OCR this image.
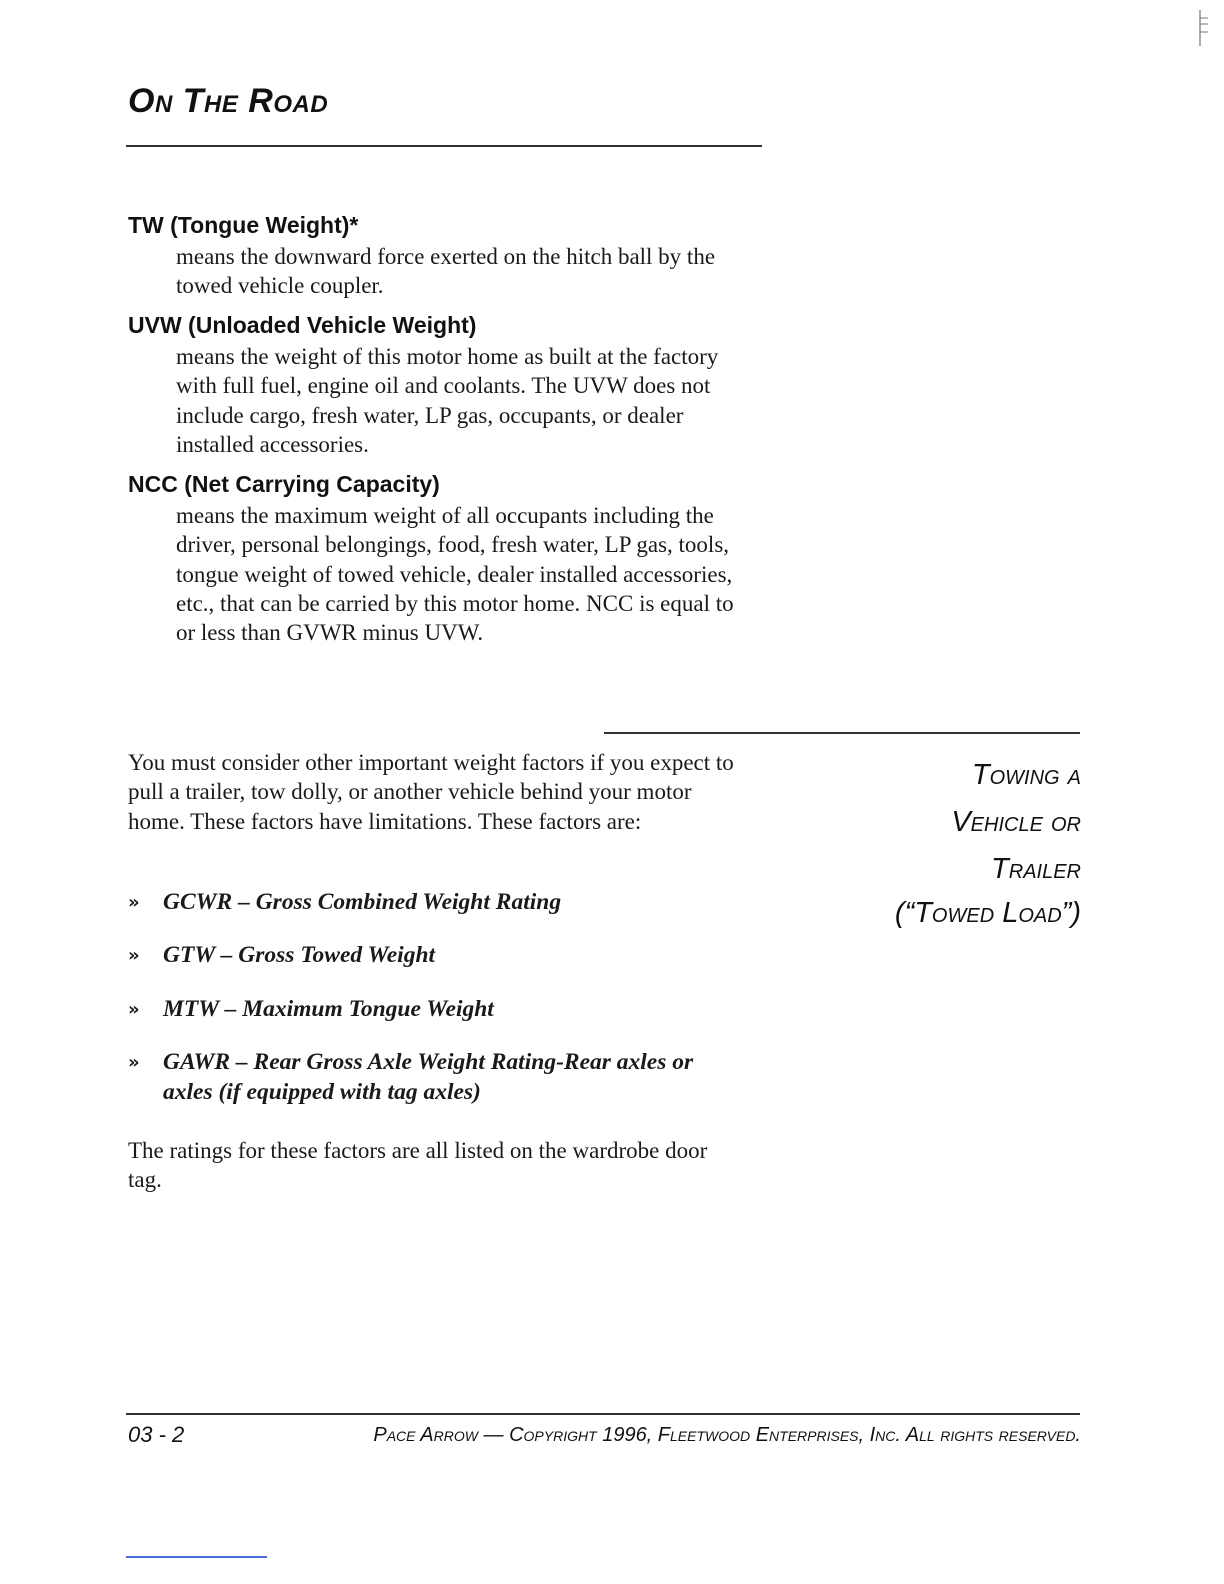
On The Road
TW (Tongue Weight)*
means the downward force exerted on the hitch ball by the towed vehicle coupler.
UVW (Unloaded Vehicle Weight)
means the weight of this motor home as built at the factory with full fuel, engine oil and coolants. The UVW does not include cargo, fresh water, LP gas, occupants, or dealer installed accessories.
NCC (Net Carrying Capacity)
means the maximum weight of all occupants including the driver, personal belongings, food, fresh water, LP gas, tools, tongue weight of towed vehicle, dealer installed accessories, etc., that can be carried by this motor home. NCC is equal to or less than GVWR minus UVW.
Towing a
Vehicle or
Trailer
(“Towed Load”)
You must consider other important weight factors if you expect to pull a trailer, tow dolly, or another vehicle behind your motor home. These factors have limitations. These factors are:
» GCWR – Gross Combined Weight Rating
» GTW – Gross Towed Weight
» MTW – Maximum Tongue Weight
» GAWR – Rear Gross Axle Weight Rating-Rear axles or axles (if equipped with tag axles)
The ratings for these factors are all listed on the wardrobe door tag.
03 - 2	Pace Arrow — Copyright 1996, Fleetwood Enterprises, Inc. All rights reserved.
